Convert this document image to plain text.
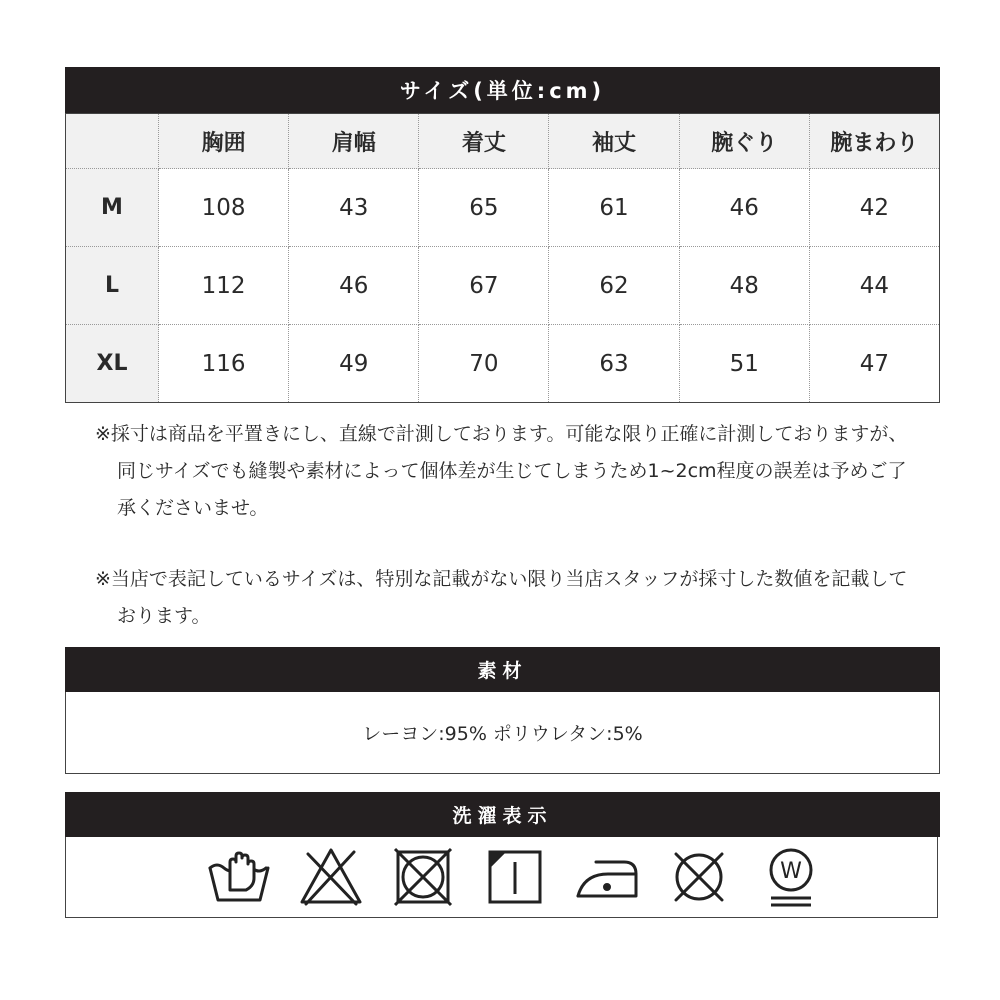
サイズ(単位:cm)
	胸囲	肩幅	着丈	袖丈	腕ぐり	腕まわり
M	108	43	65	61	46	42
L	112	46	67	62	48	44
XL	116	49	70	63	51	47

※採寸は商品を平置きにし、直線で計測しております。可能な限り正確に計測しておりますが、同じサイズでも縫製や素材によって個体差が生じてしまうため1~2cm程度の誤差は予めご了承くださいませ。

※当店で表記しているサイズは、特別な記載がない限り当店スタッフが採寸した数値を記載しております。

素材
レーヨン:95% ポリウレタン:5%
洗濯表示
W
